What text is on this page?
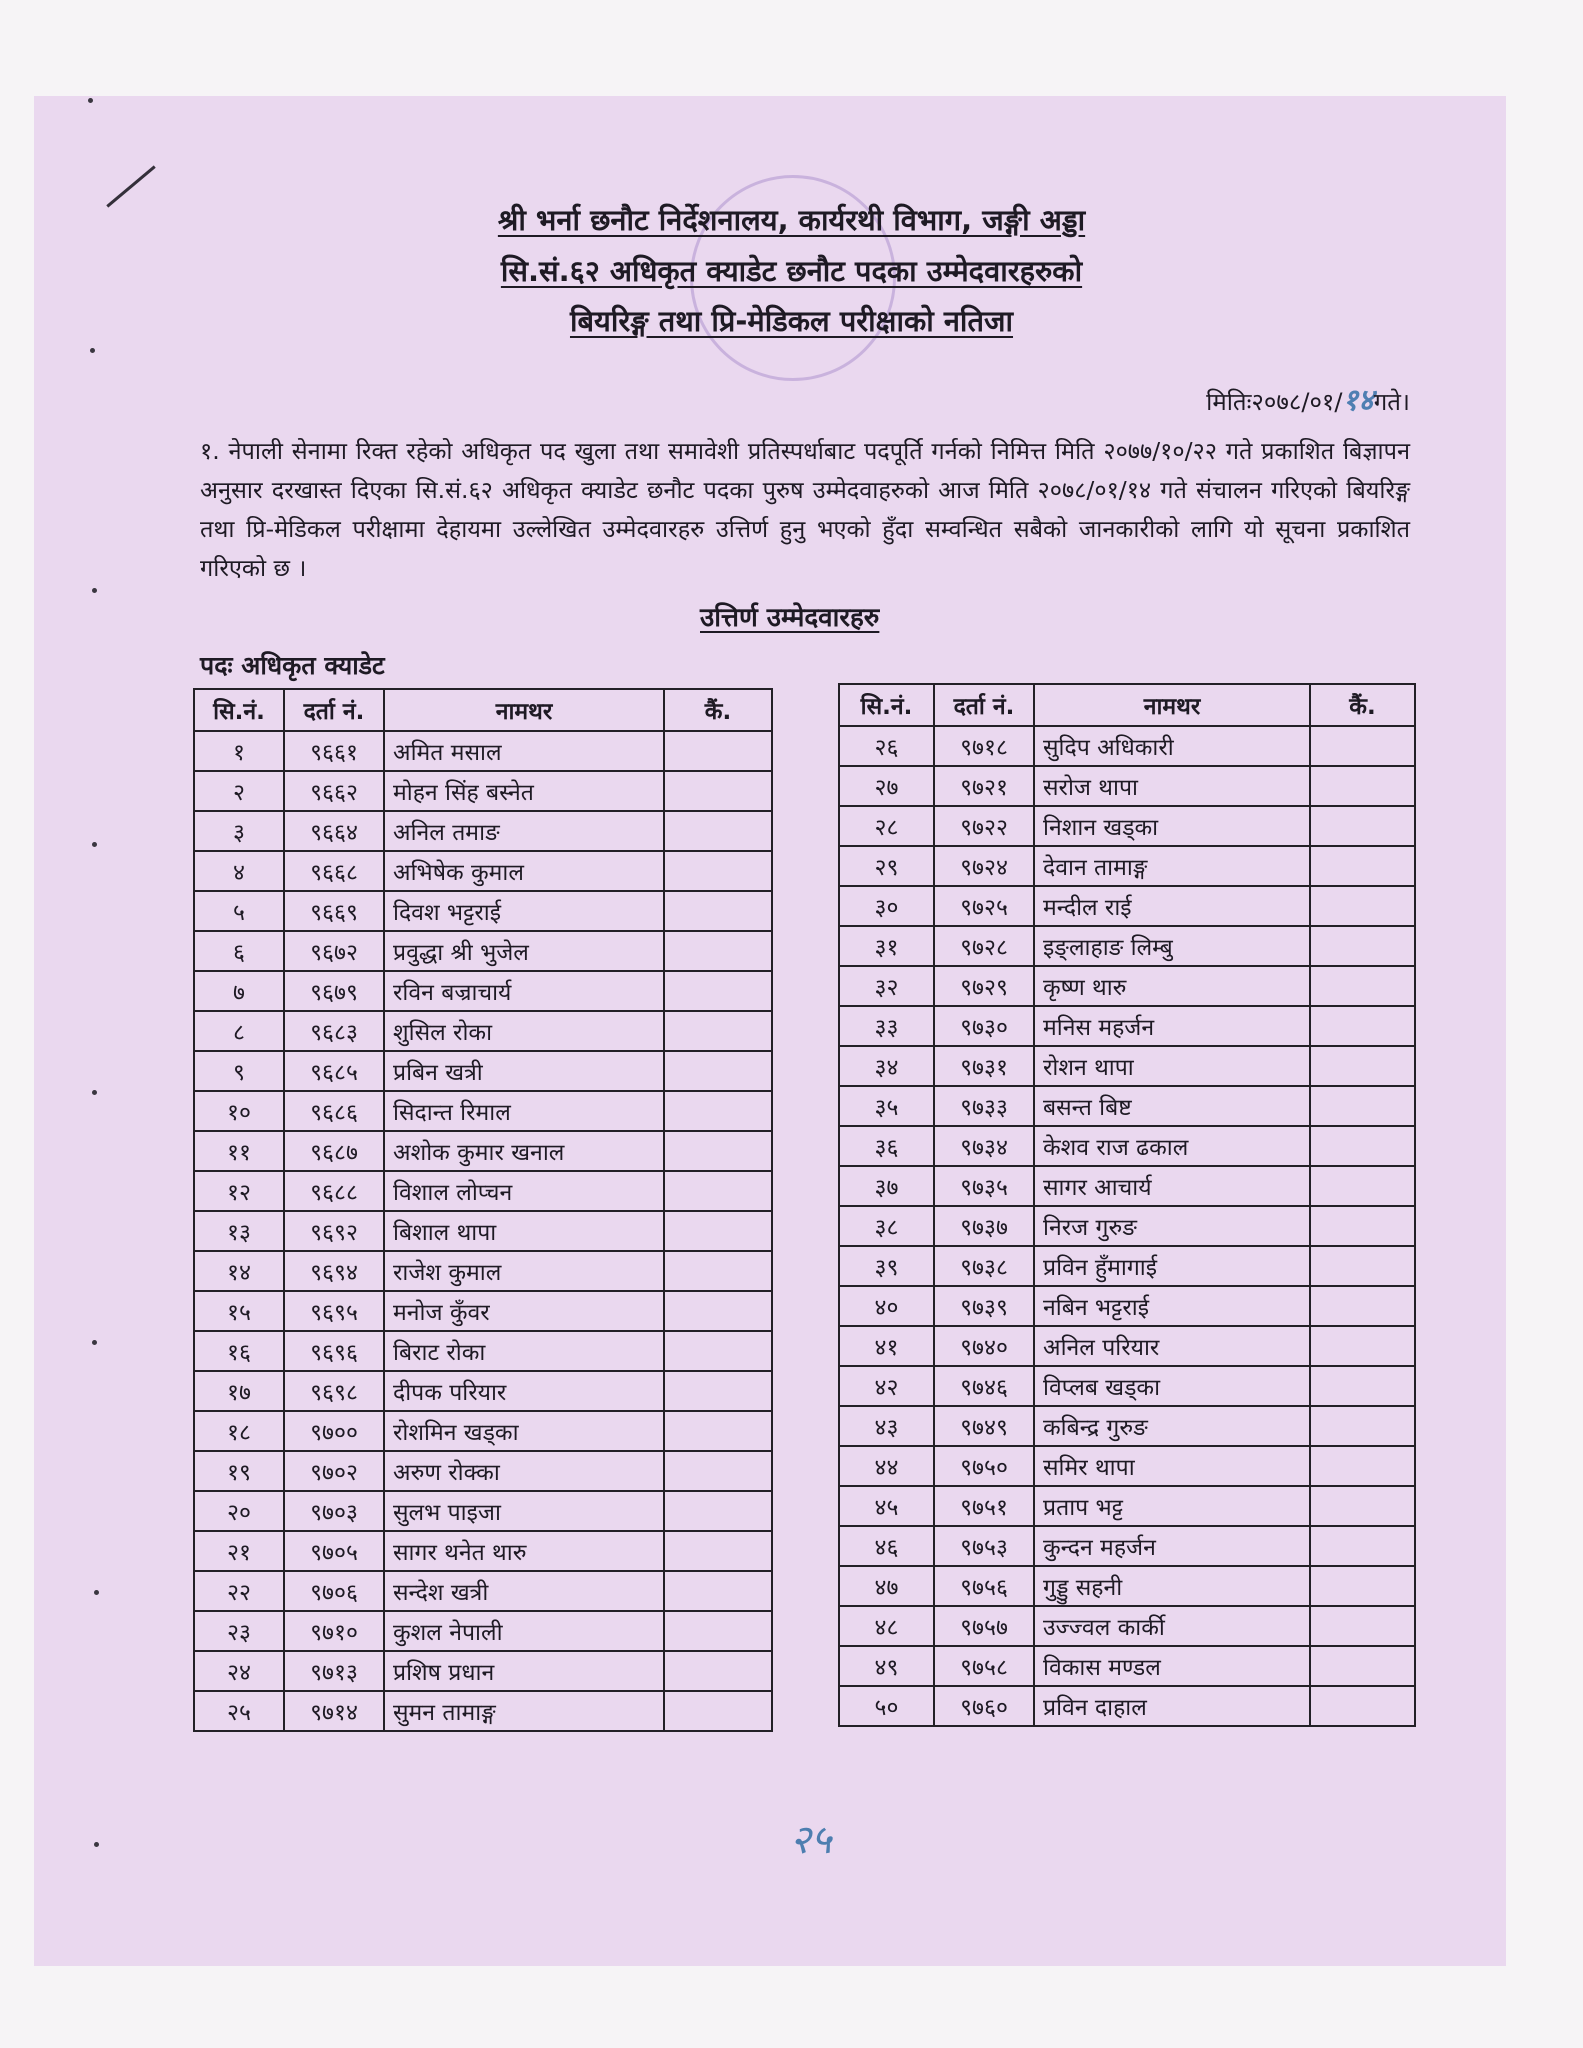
श्री भर्ना छनौट निर्देशनालय, कार्यरथी विभाग, जङ्गी अड्डा
सि.सं.६२ अधिकृत क्याडेट छनौट पदका उम्मेदवारहरुको
बियरिङ्ग तथा प्रि-मेडिकल परीक्षाको नतिजा
मितिः२०७८/०१/१४गते।
१. नेपाली सेनामा रिक्त रहेको अधिकृत पद खुला तथा समावेशी प्रतिस्पर्धाबाट पदपूर्ति गर्नको निमित्त मिति २०७७/१०/२२ गते प्रकाशित बिज्ञापन अनुसार दरखास्त दिएका सि.सं.६२ अधिकृत क्याडेट छनौट पदका पुरुष उम्मेदवाहरुको आज मिति २०७८/०१/१४ गते संचालन गरिएको बियरिङ्ग तथा प्रि-मेडिकल परीक्षामा देहायमा उल्लेखित उम्मेदवारहरु उत्तिर्ण हुनु भएको हुँदा सम्वन्धित सबैको जानकारीको लागि यो सूचना प्रकाशित गरिएको छ ।
उत्तिर्ण उम्मेदवारहरु
पदः अधिकृत क्याडेट
सि.नं.	दर्ता नं.	नामथर	कैं.
१	९६६१	अमित मसाल	
२	९६६२	मोहन सिंह बस्नेत	
३	९६६४	अनिल तमाङ	
४	९६६८	अभिषेक कुमाल	
५	९६६९	दिवश भट्टराई	
६	९६७२	प्रवुद्धा श्री भुजेल	
७	९६७९	रविन बज्राचार्य	
८	९६८३	शुसिल रोका	
९	९६८५	प्रबिन खत्री	
१०	९६८६	सिदान्त रिमाल	
११	९६८७	अशोक कुमार खनाल	
१२	९६८८	विशाल लोप्चन	
१३	९६९२	बिशाल थापा	
१४	९६९४	राजेश कुमाल	
१५	९६९५	मनोज कुँवर	
१६	९६९६	बिराट रोका	
१७	९६९८	दीपक परियार	
१८	९७००	रोशमिन खड्का	
१९	९७०२	अरुण रोक्का	
२०	९७०३	सुलभ पाइजा	
२१	९७०५	सागर थनेत थारु	
२२	९७०६	सन्देश खत्री	
२३	९७१०	कुशल नेपाली	
२४	९७१३	प्रशिष प्रधान	
२५	९७१४	सुमन तामाङ्ग	
सि.नं.	दर्ता नं.	नामथर	कैं.
२६	९७१८	सुदिप अधिकारी	
२७	९७२१	सरोज थापा	
२८	९७२२	निशान खड्का	
२९	९७२४	देवान तामाङ्ग	
३०	९७२५	मन्दील राई	
३१	९७२८	इङ्लाहाङ लिम्बु	
३२	९७२९	कृष्ण थारु	
३३	९७३०	मनिस महर्जन	
३४	९७३१	रोशन थापा	
३५	९७३३	बसन्त बिष्ट	
३६	९७३४	केशव राज ढकाल	
३७	९७३५	सागर आचार्य	
३८	९७३७	निरज गुरुङ	
३९	९७३८	प्रविन हुँमागाई	
४०	९७३९	नबिन भट्टराई	
४१	९७४०	अनिल परियार	
४२	९७४६	विप्लब खड्का	
४३	९७४९	कबिन्द्र गुरुङ	
४४	९७५०	समिर थापा	
४५	९७५१	प्रताप भट्ट	
४६	९७५३	कुन्दन महर्जन	
४७	९७५६	गुड्डु सहनी	
४८	९७५७	उज्ज्वल कार्की	
४९	९७५८	विकास मण्डल	
५०	९७६०	प्रविन दाहाल	
२५
